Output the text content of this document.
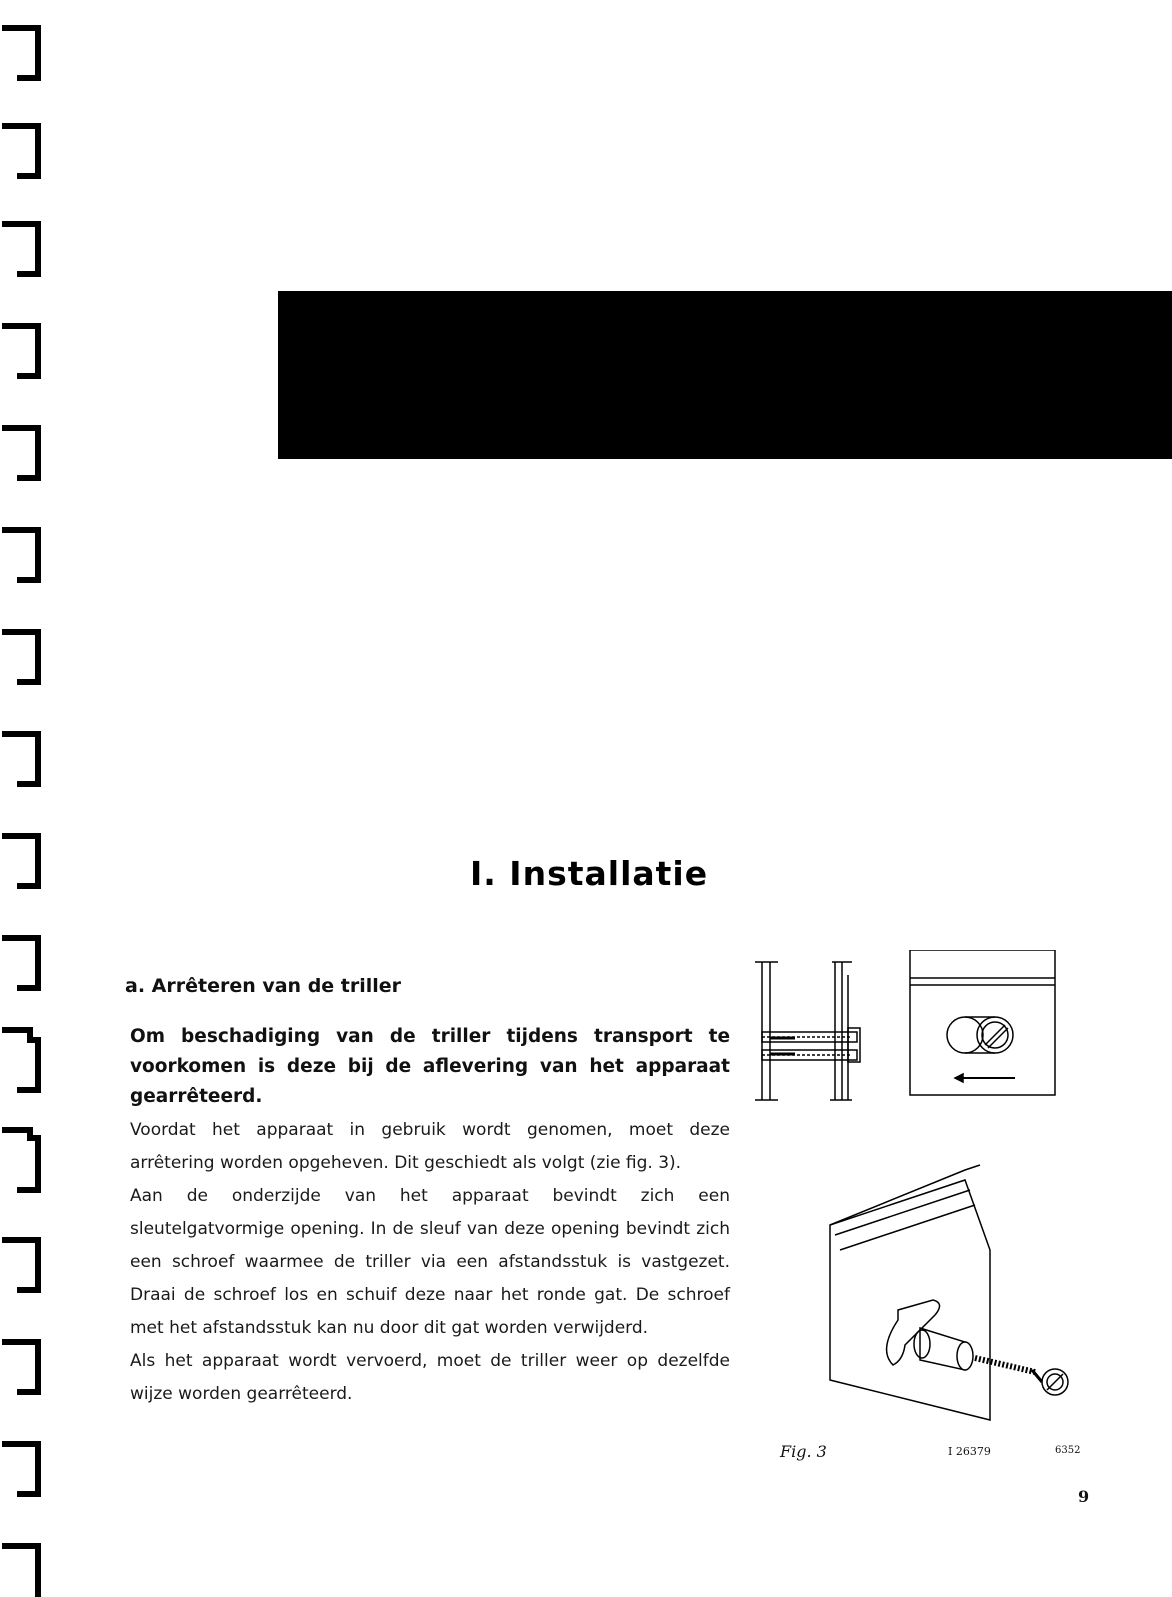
I. Installatie
a. Arrêteren van de triller
Om beschadiging van de triller tijdens transport te voorkomen is deze bij de aflevering van het apparaat gearrêteerd.

Voordat het apparaat in gebruik wordt genomen, moet deze arrêtering worden opgeheven. Dit geschiedt als volgt (zie fig. 3).

Aan de onderzijde van het apparaat bevindt zich een sleutelgatvormige opening. In de sleuf van deze opening bevindt zich een schroef waarmee de triller via een afstandsstuk is vastgezet. Draai de schroef los en schuif deze naar het ronde gat. De schroef met het afstandsstuk kan nu door dit gat worden verwijderd.

Als het apparaat wordt vervoerd, moet de triller weer op dezelfde wijze worden gearrêteerd.

Fig. 3	I 26379	6352
9
